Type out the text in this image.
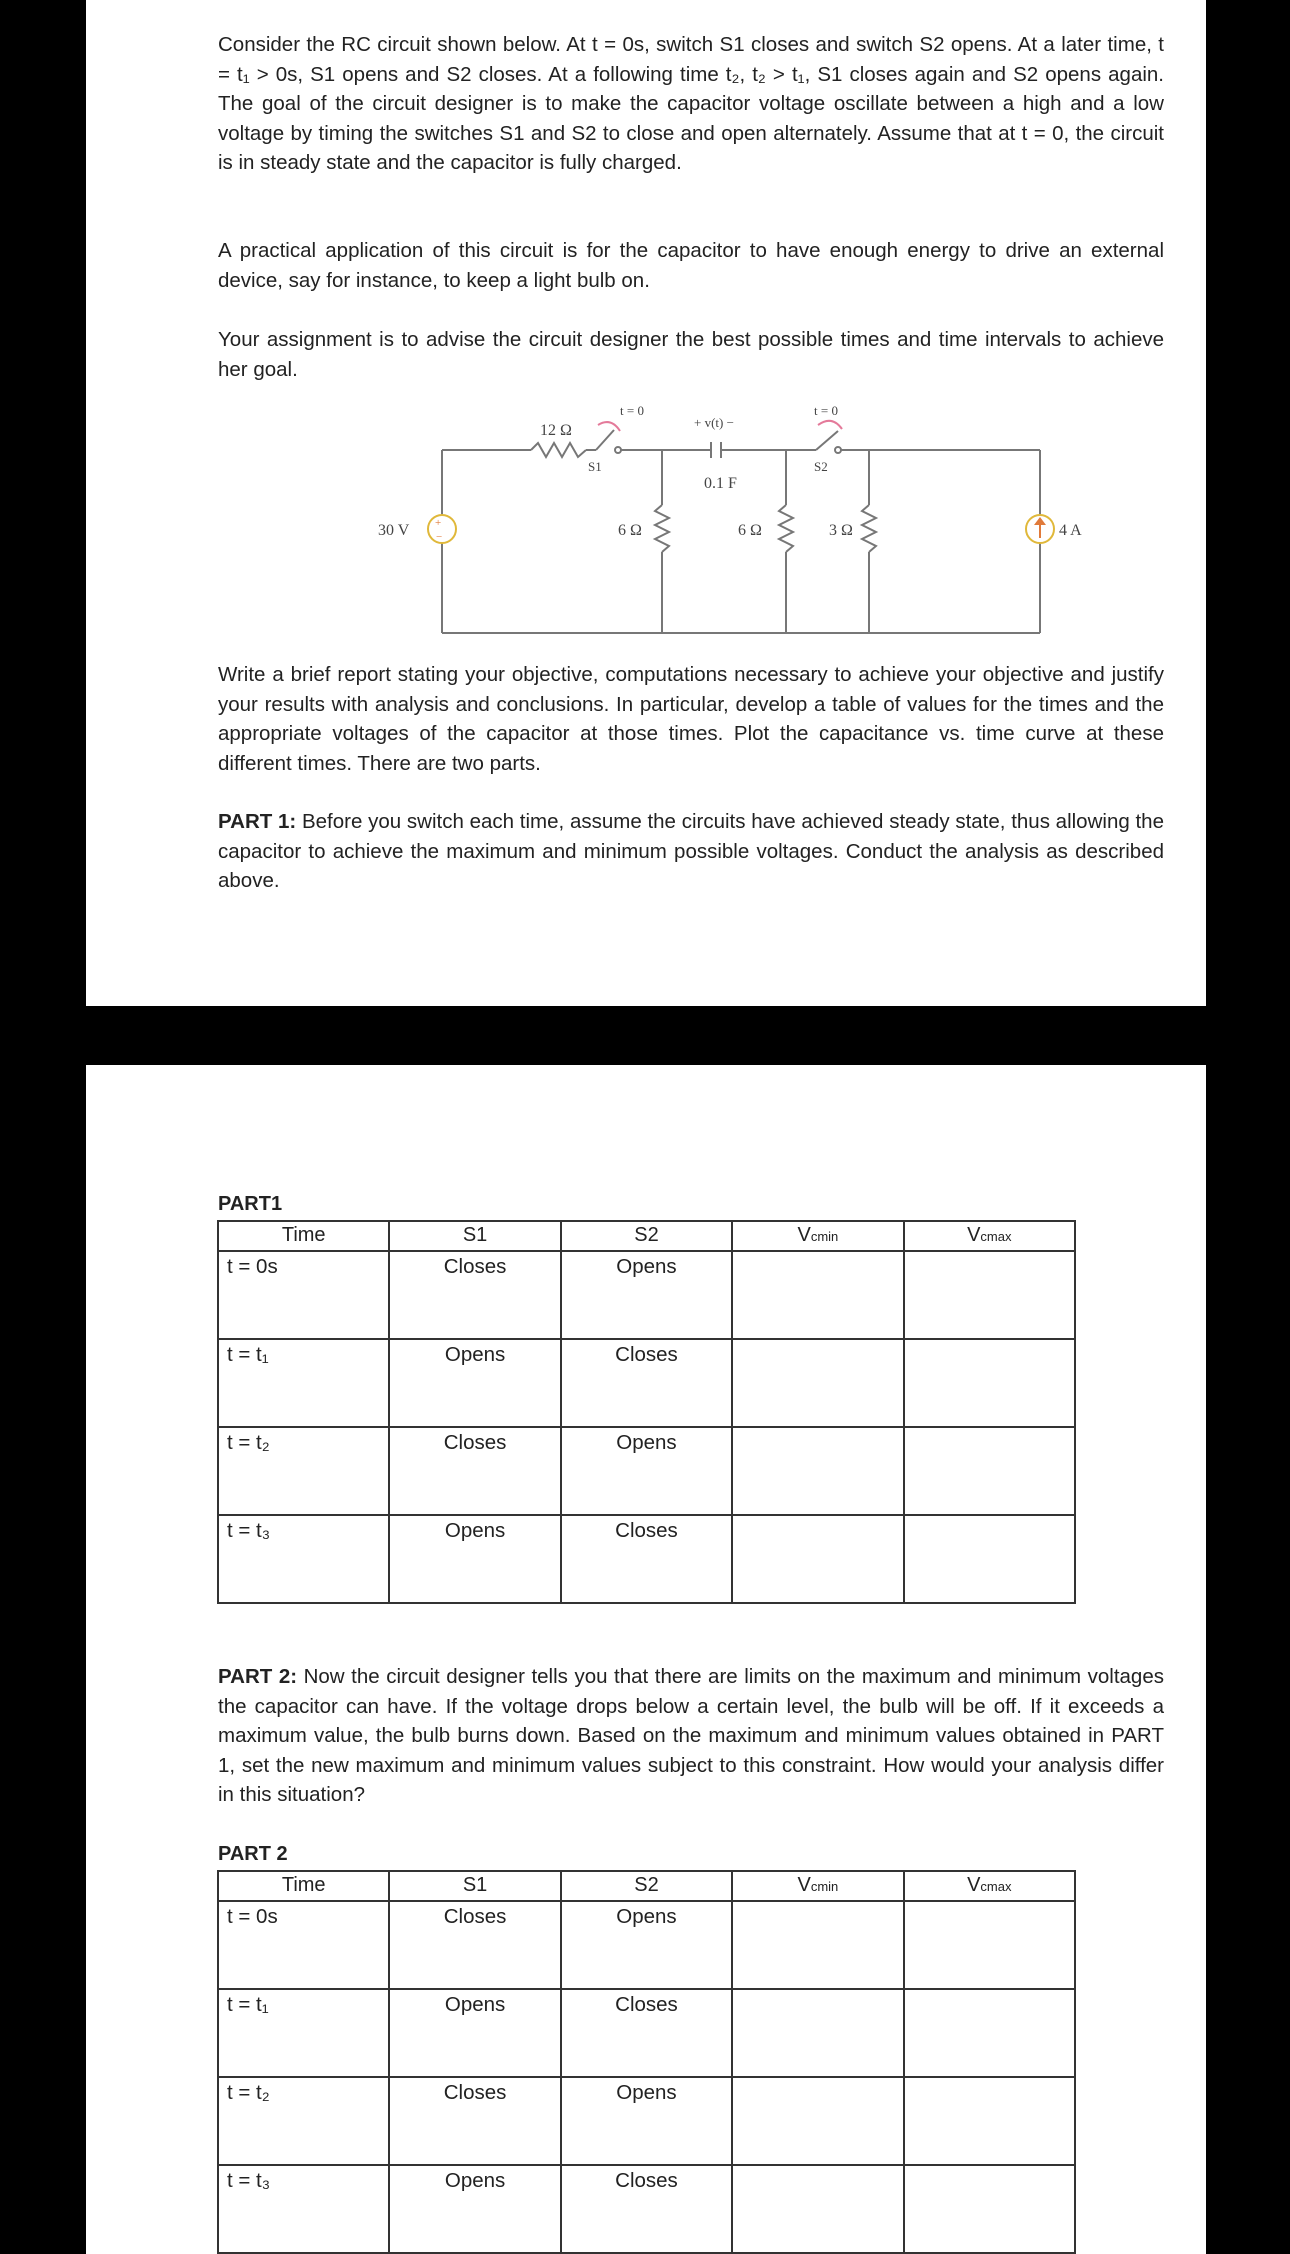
Consider the RC circuit shown below. At t = 0s, switch S1 closes and switch S2 opens. At a later time, t = t₁ > 0s, S1 opens and S2 closes. At a following time t₂, t₂ > t₁, S1 closes again and S2 opens again. The goal of the circuit designer is to make the capacitor voltage oscillate between a high and a low voltage by timing the switches S1 and S2 to close and open alternately. Assume that at t = 0, the circuit is in steady state and the capacitor is fully charged.

A practical application of this circuit is for the capacitor to have enough energy to drive an external device, say for instance, to keep a light bulb on.

Your assignment is to advise the circuit designer the best possible times and time intervals to achieve her goal.

+
−
30 V
12 Ω
t = 0
S1
+ v(t) −
0.1 F
t = 0
S2
6 Ω	6 Ω	3 Ω	4 A

Write a brief report stating your objective, computations necessary to achieve your objective and justify your results with analysis and conclusions. In particular, develop a table of values for the times and the appropriate voltages of the capacitor at those times. Plot the capacitance vs. time curve at these different times. There are two parts.

PART 1: Before you switch each time, assume the circuits have achieved steady state, thus allowing the capacitor to achieve the maximum and minimum possible voltages. Conduct the analysis as described above.

PART1

Time	S1	S2	Vcmin	Vcmax
t = 0s	Closes	Opens		
t = t₁	Opens	Closes		
t = t₂	Closes	Opens		
t = t₃	Opens	Closes		

PART 2: Now the circuit designer tells you that there are limits on the maximum and minimum voltages the capacitor can have. If the voltage drops below a certain level, the bulb will be off. If it exceeds a maximum value, the bulb burns down. Based on the maximum and minimum values obtained in PART 1, set the new maximum and minimum values subject to this constraint. How would your analysis differ in this situation?

PART 2

Time	S1	S2	Vcmin	Vcmax
t = 0s	Closes	Opens		
t = t₁	Opens	Closes		
t = t₂	Closes	Opens		
t = t₃	Opens	Closes		
